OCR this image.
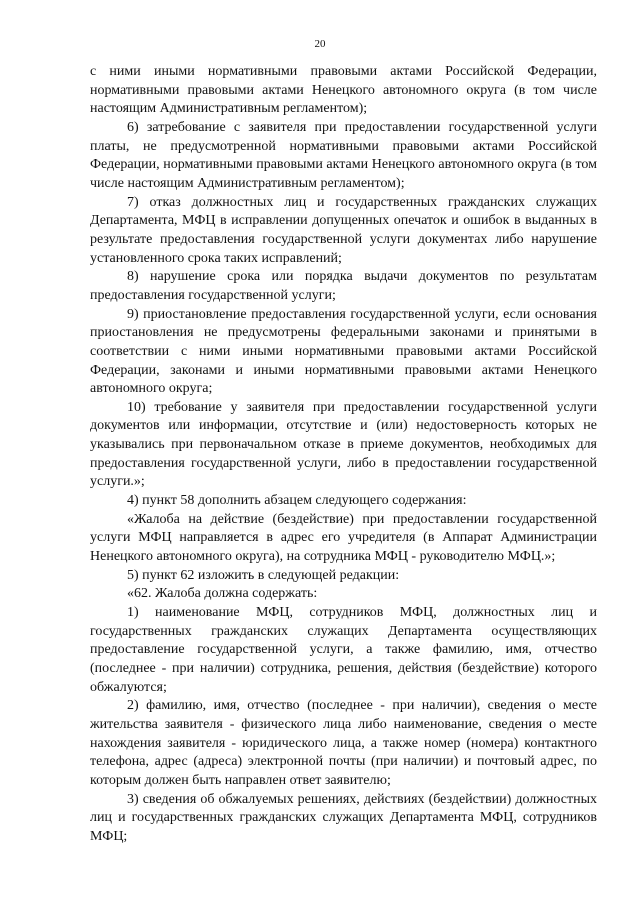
20

с ними иными нормативными правовыми актами Российской Федерации, нормативными правовыми актами Ненецкого автономного округа (в том числе настоящим Административным регламентом);

6) затребование с заявителя при предоставлении государственной услуги платы, не предусмотренной нормативными правовыми актами Российской Федерации, нормативными правовыми актами Ненецкого автономного округа (в том числе настоящим Административным регламентом);

7) отказ должностных лиц и государственных гражданских служащих Департамента, МФЦ в исправлении допущенных опечаток и ошибок в выданных в результате предоставления государственной услуги документах либо нарушение установленного срока таких исправлений;

8) нарушение срока или порядка выдачи документов по результатам предоставления государственной услуги;

9) приостановление предоставления государственной услуги, если основания приостановления не предусмотрены федеральными законами и принятыми в соответствии с ними иными нормативными правовыми актами Российской Федерации, законами и иными нормативными правовыми актами Ненецкого автономного округа;

10) требование у заявителя при предоставлении государственной услуги документов или информации, отсутствие и (или) недостоверность которых не указывались при первоначальном отказе в приеме документов, необходимых для предоставления государственной услуги, либо в предоставлении государственной услуги.»;

4) пункт 58 дополнить абзацем следующего содержания:

«Жалоба на действие (бездействие) при предоставлении государственной услуги МФЦ направляется в адрес его учредителя (в Аппарат Администрации Ненецкого автономного округа), на сотрудника МФЦ - руководителю МФЦ.»;

5) пункт 62 изложить в следующей редакции:

«62. Жалоба должна содержать:

1) наименование МФЦ, сотрудников МФЦ, должностных лиц и государственных гражданских служащих Департамента осуществляющих предоставление государственной услуги, а также фамилию, имя, отчество (последнее - при наличии) сотрудника, решения, действия (бездействие) которого обжалуются;

2) фамилию, имя, отчество (последнее - при наличии), сведения о месте жительства заявителя - физического лица либо наименование, сведения о месте нахождения заявителя - юридического лица, а также номер (номера) контактного телефона, адрес (адреса) электронной почты (при наличии) и почтовый адрес, по которым должен быть направлен ответ заявителю;

3) сведения об обжалуемых решениях, действиях (бездействии) должностных лиц и государственных гражданских служащих Департамента МФЦ, сотрудников МФЦ;
